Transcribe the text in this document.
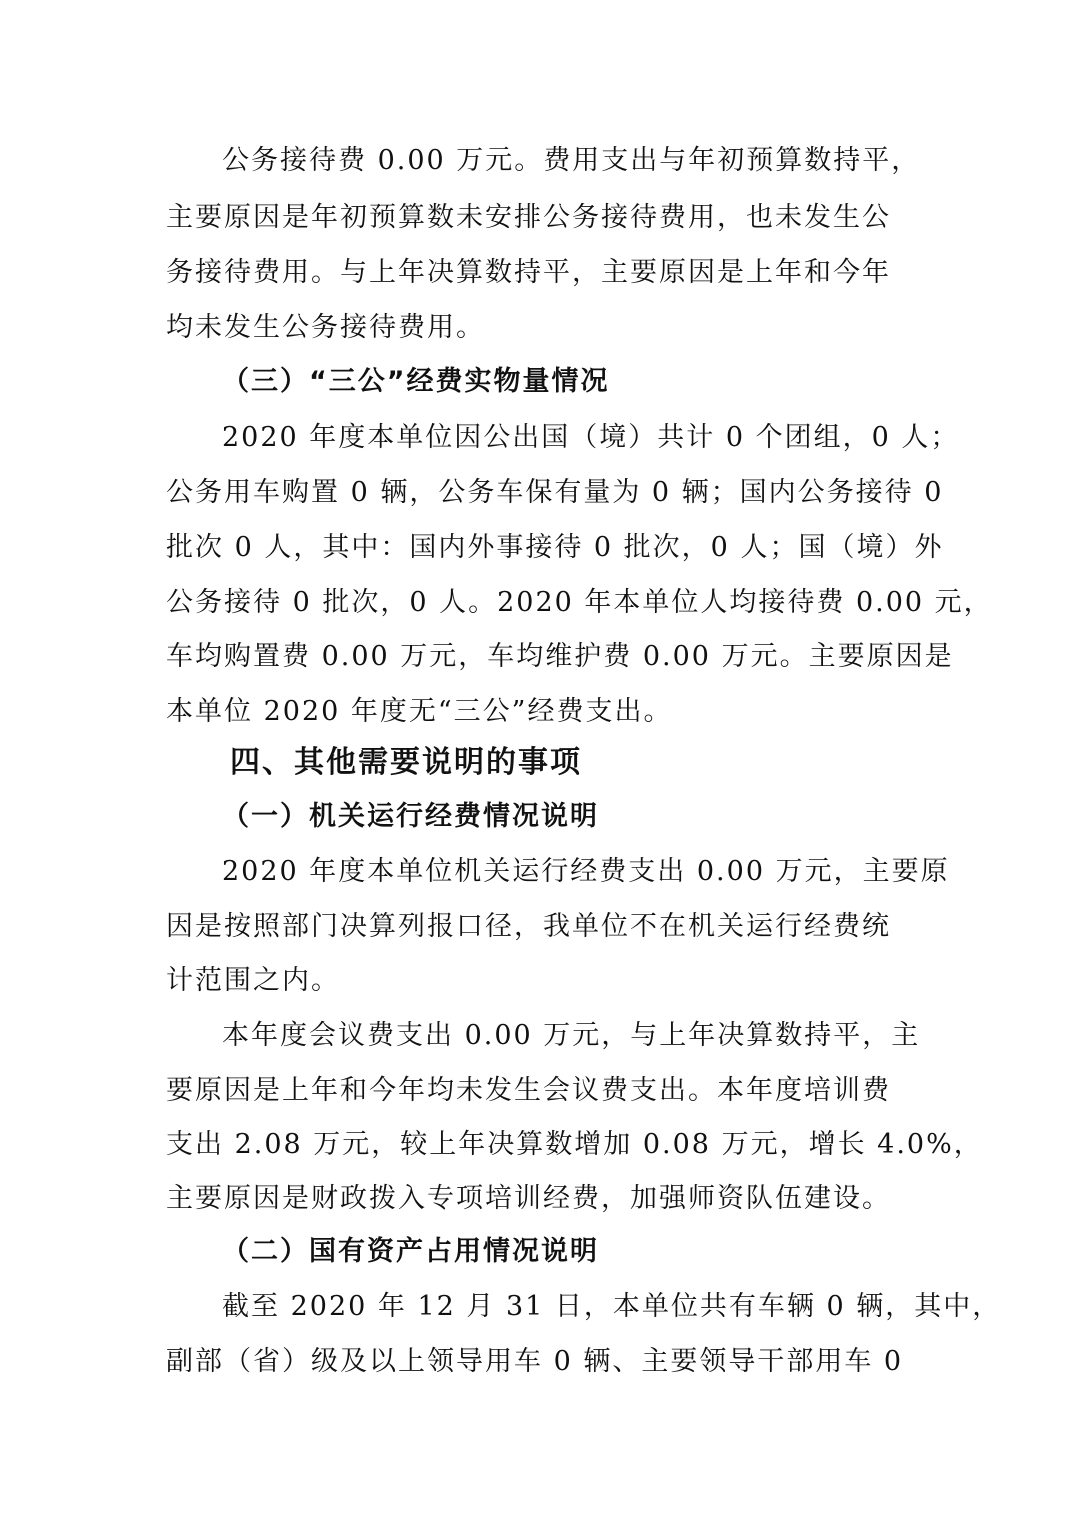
公务接待费 0.00 万元。费用支出与年初预算数持平，
主要原因是年初预算数未安排公务接待费用，也未发生公
务接待费用。与上年决算数持平，主要原因是上年和今年
均未发生公务接待费用。
（三）“三公”经费实物量情况
2020 年度本单位因公出国（境）共计 0 个团组，0 人；
公务用车购置 0 辆，公务车保有量为 0 辆；国内公务接待 0
批次 0 人，其中：国内外事接待 0 批次，0 人；国（境）外
公务接待 0 批次，0 人。2020 年本单位人均接待费 0.00 元，
车均购置费 0.00 万元，车均维护费 0.00 万元。主要原因是
本单位 2020 年度无“三公”经费支出。
四、其他需要说明的事项
（一）机关运行经费情况说明
2020 年度本单位机关运行经费支出 0.00 万元，主要原
因是按照部门决算列报口径，我单位不在机关运行经费统
计范围之内。
本年度会议费支出 0.00 万元，与上年决算数持平，主
要原因是上年和今年均未发生会议费支出。本年度培训费
支出 2.08 万元，较上年决算数增加 0.08 万元，增长 4.0%，
主要原因是财政拨入专项培训经费，加强师资队伍建设。
（二）国有资产占用情况说明
截至 2020 年 12 月 31 日，本单位共有车辆 0 辆，其中，
副部（省）级及以上领导用车 0 辆、主要领导干部用车 0
